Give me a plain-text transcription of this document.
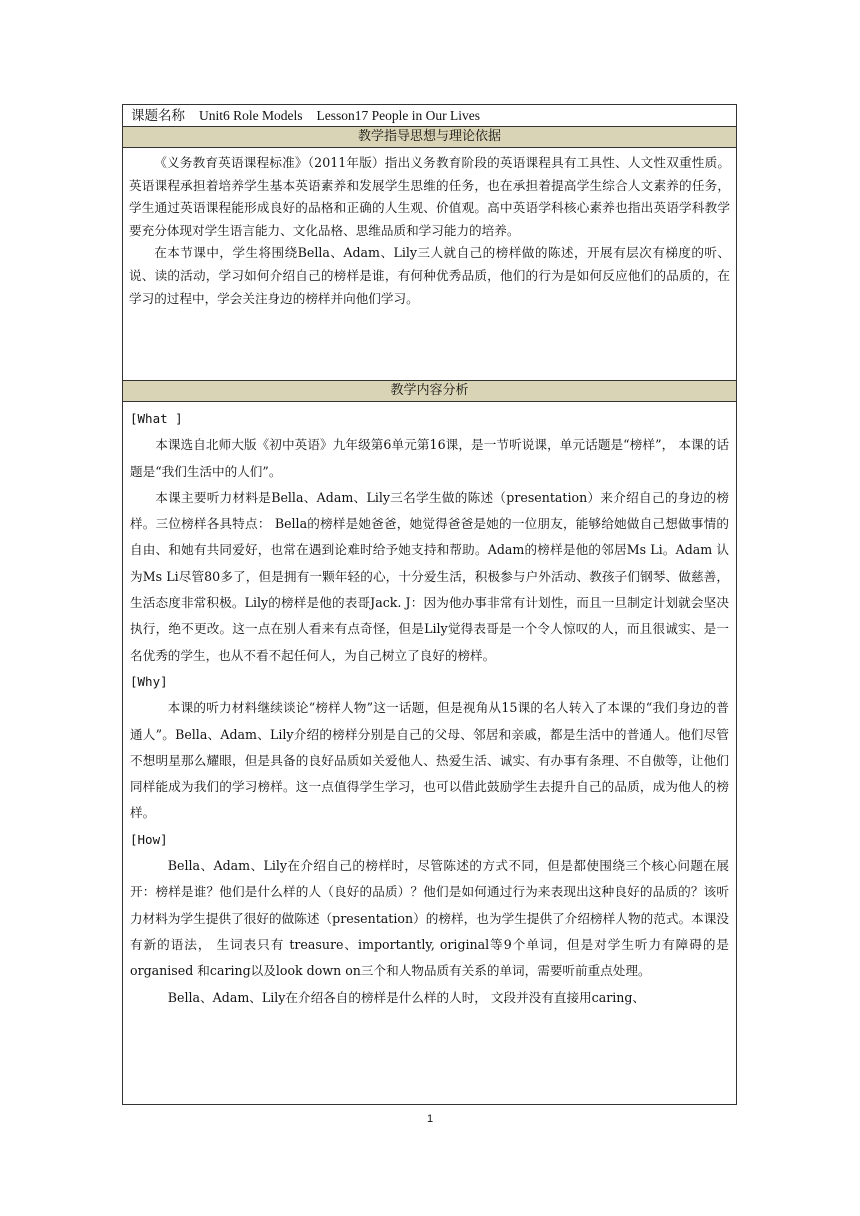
课题名称 Unit6 Role Models Lesson17 People in Our Lives

教学指导思想与理论依据

《义务教育英语课程标准》（2011年版）指出义务教育阶段的英语课程具有工具性、人文性双重性质。英语课程承担着培养学生基本英语素养和发展学生思维的任务，也在承担着提高学生综合人文素养的任务，学生通过英语课程能形成良好的品格和正确的人生观、价值观。高中英语学科核心素养也指出英语学科教学要充分体现对学生语言能力、文化品格、思维品质和学习能力的培养。

在本节课中，学生将围绕Bella、Adam、Lily三人就自己的榜样做的陈述，开展有层次有梯度的听、说、读的活动，学习如何介绍自己的榜样是谁，有何种优秀品质，他们的行为是如何反应他们的品质的，在学习的过程中，学会关注身边的榜样并向他们学习。

教学内容分析

[What ]

本课选自北师大版《初中英语》九年级第6单元第16课，是一节听说课，单元话题是“榜样”， 本课的话题是“我们生活中的人们”。

本课主要听力材料是Bella、Adam、Lily三名学生做的陈述（presentation）来介绍自己的身边的榜样。三位榜样各具特点： Bella的榜样是她爸爸，她觉得爸爸是她的一位朋友，能够给她做自己想做事情的自由、和她有共同爱好，也常在遇到论难时给予她支持和帮助。Adam的榜样是他的邻居Ms Li。Adam 认为Ms Li尽管80多了，但是拥有一颗年轻的心，十分爱生活，积极参与户外活动、教孩子们钢琴、做慈善，生活态度非常积极。Lily的榜样是他的表哥Jack. J：因为他办事非常有计划性，而且一旦制定计划就会坚决执行，绝不更改。这一点在别人看来有点奇怪，但是Lily觉得表哥是一个令人惊叹的人，而且很诚实、是一名优秀的学生，也从不看不起任何人，为自己树立了良好的榜样。

[Why]

本课的听力材料继续谈论“榜样人物”这一话题，但是视角从15课的名人转入了本课的“我们身边的普通人”。Bella、Adam、Lily介绍的榜样分别是自己的父母、邻居和亲戚，都是生活中的普通人。他们尽管不想明星那么耀眼，但是具备的良好品质如关爱他人、热爱生活、诚实、有办事有条理、不自傲等，让他们同样能成为我们的学习榜样。这一点值得学生学习，也可以借此鼓励学生去提升自己的品质，成为他人的榜样。

[How]

Bella、Adam、Lily在介绍自己的榜样时，尽管陈述的方式不同，但是都使围绕三个核心问题在展开：榜样是谁？他们是什么样的人（良好的品质）？他们是如何通过行为来表现出这种良好的品质的？该听力材料为学生提供了很好的做陈述（presentation）的榜样，也为学生提供了介绍榜样人物的范式。本课没有新的语法， 生词表只有 treasure、importantly, original等9个单词，但是对学生听力有障碍的是organised 和caring以及look down on三个和人物品质有关系的单词，需要听前重点处理。

Bella、Adam、Lily在介绍各自的榜样是什么样的人时， 文段并没有直接用caring、

1
